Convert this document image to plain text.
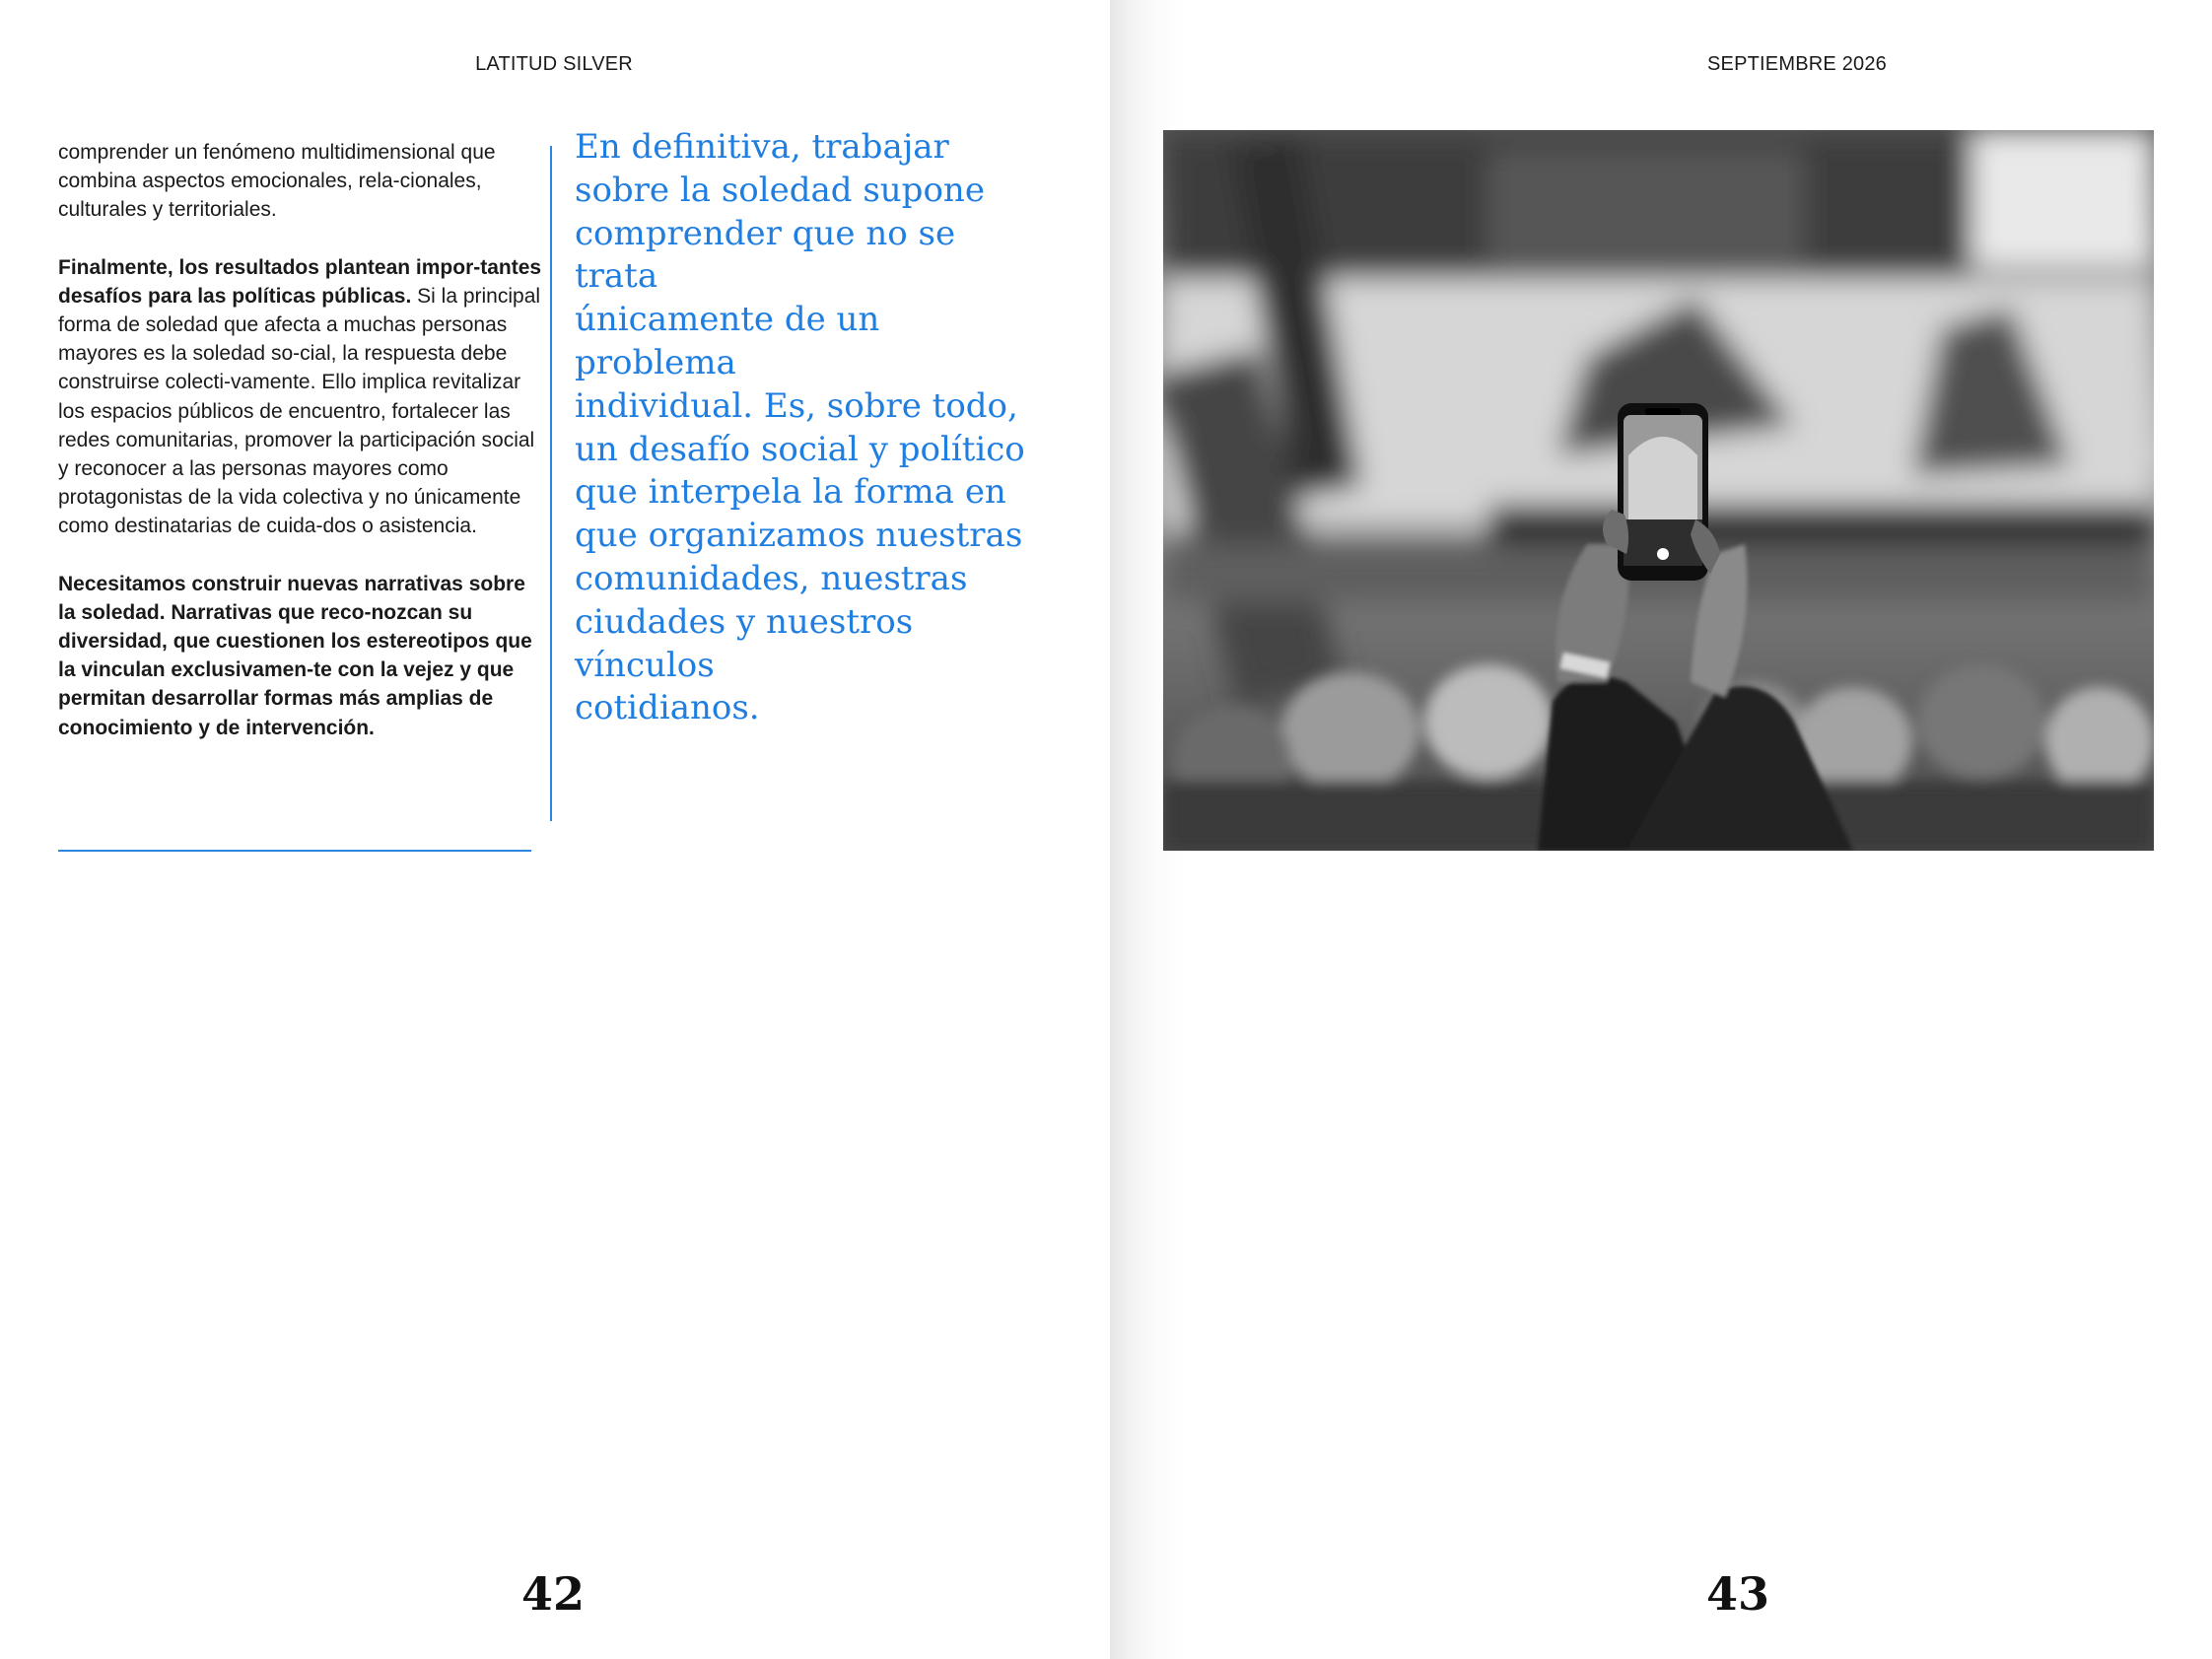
LATITUD SILVER

comprender un fenómeno multidimensional que combina aspectos emocionales, rela-cionales, culturales y territoriales.

Finalmente, los resultados plantean impor-tantes desafíos para las políticas públicas. Si la principal forma de soledad que afecta a muchas personas mayores es la soledad so-cial, la respuesta debe construirse colecti-vamente. Ello implica revitalizar los espacios públicos de encuentro, fortalecer las redes comunitarias, promover la participación social y reconocer a las personas mayores como protagonistas de la vida colectiva y no únicamente como destinatarias de cuida-dos o asistencia.

Necesitamos construir nuevas narrativas sobre la soledad. Narrativas que reco-nozcan su diversidad, que cuestionen los estereotipos que la vinculan exclusivamen-te con la vejez y que permitan desarrollar formas más amplias de conocimiento y de intervención.

En definitiva, trabajar
sobre la soledad supone
comprender que no se trata
únicamente de un problema
individual. Es, sobre todo,
un desafío social y político
que interpela la forma en
que organizamos nuestras
comunidades, nuestras
ciudades y nuestros vínculos
cotidianos.

42
SEPTIEMBRE 2026
43
